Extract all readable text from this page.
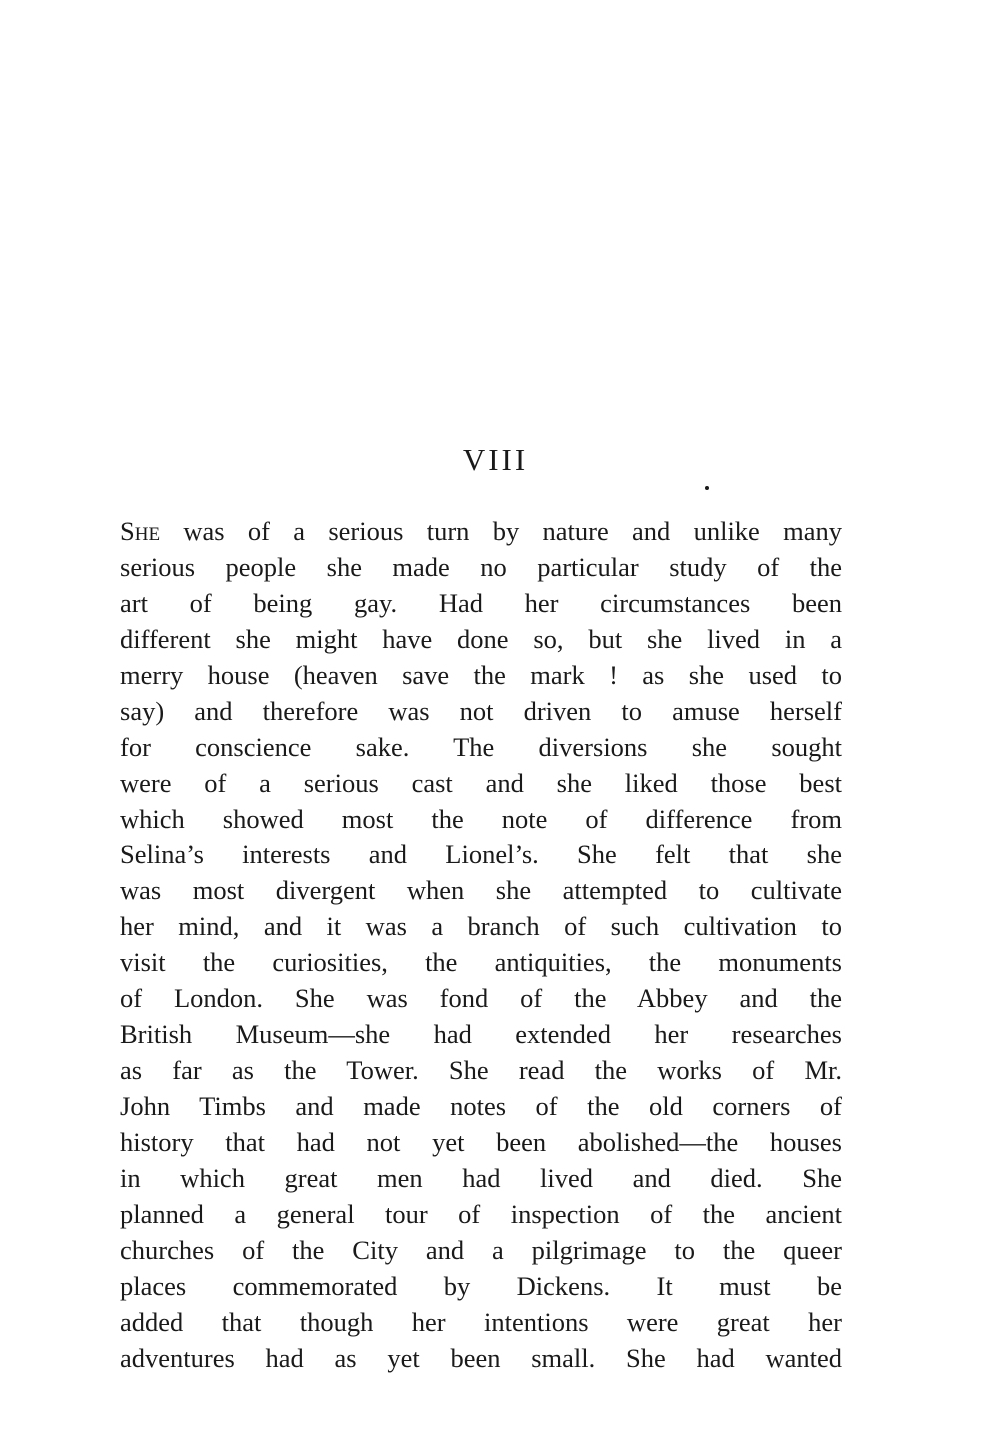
VIII
She was of a serious turn by nature and unlike many
serious people she made no particular study of the
art of being gay. Had her circumstances been
different she might have done so, but she lived in a
merry house (heaven save the mark ! as she used to
say) and therefore was not driven to amuse herself
for conscience sake. The diversions she sought
were of a serious cast and she liked those best
which showed most the note of difference from
Selina’s interests and Lionel’s. She felt that she
was most divergent when she attempted to cultivate
her mind, and it was a branch of such cultivation to
visit the curiosities, the antiquities, the monuments
of London. She was fond of the Abbey and the
British Museum—she had extended her researches
as far as the Tower. She read the works of Mr.
John Timbs and made notes of the old corners of
history that had not yet been abolished—the houses
in which great men had lived and died. She
planned a general tour of inspection of the ancient
churches of the City and a pilgrimage to the queer
places commemorated by Dickens. It must be
added that though her intentions were great her
adventures had as yet been small. She had wanted
